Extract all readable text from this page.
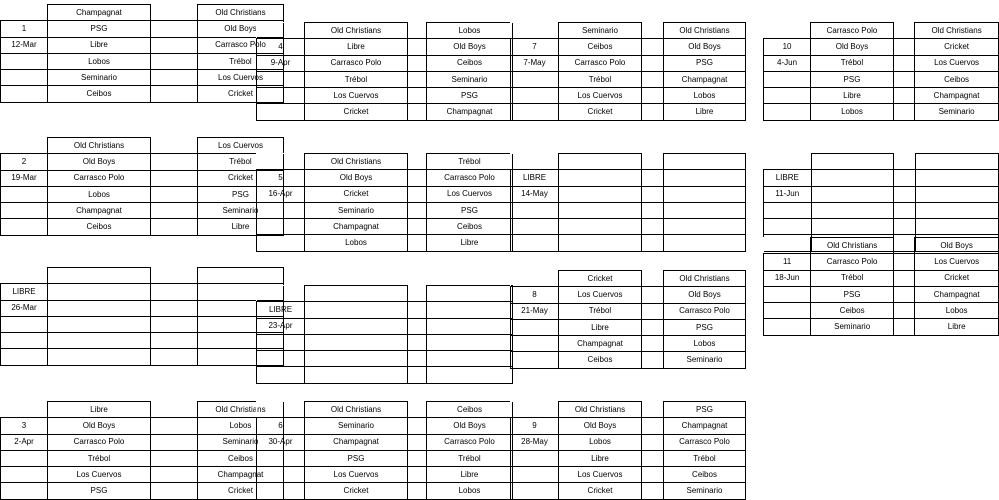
	Champagnat		Old Christians
1	PSG		Old Boys
12-Mar	Libre		Carrasco Polo
	Lobos		Trébol
	Seminario		Los Cuervos
	Ceibos		Cricket
	Old Christians		Los Cuervos
2	Old Boys		Trébol
19-Mar	Carrasco Polo		Cricket
	Lobos		PSG
	Champagnat		Seminario
	Ceibos		Libre

LIBRE			
26-Mar			

	Libre		Old Christians
3	Old Boys		Lobos
2-Apr	Carrasco Polo		Seminario
	Trébol		Ceibos
	Los Cuervos		Champagnat
	PSG		Cricket
	Old Christians		Lobos
4	Libre		Old Boys
9-Apr	Carrasco Polo		Ceibos
	Trébol		Seminario
	Los Cuervos		PSG
	Cricket		Champagnat
	Old Christians		Trébol
5	Old Boys		Carrasco Polo
16-Apr	Cricket		Los Cuervos
	Seminario		PSG
	Champagnat		Ceibos
	Lobos		Libre

LIBRE			
23-Apr			

	Old Christians		Ceibos
6	Seminario		Old Boys
30-Apr	Champagnat		Carrasco Polo
	PSG		Trébol
	Los Cuervos		Libre
	Cricket		Lobos
	Seminario		Old Christians
7	Ceibos		Old Boys
7-May	Carrasco Polo		PSG
	Trébol		Champagnat
	Los Cuervos		Lobos
	Cricket		Libre

LIBRE			
14-May			

	Cricket		Old Christians
8	Los Cuervos		Old Boys
21-May	Trébol		Carrasco Polo
	Libre		PSG
	Champagnat		Lobos
	Ceibos		Seminario
	Old Christians		PSG
9	Old Boys		Champagnat
28-May	Lobos		Carrasco Polo
	Libre		Trébol
	Los Cuervos		Ceibos
	Cricket		Seminario
	Carrasco Polo		Old Christians
10	Old Boys		Cricket
4-Jun	Trébol		Los Cuervos
	PSG		Ceibos
	Libre		Champagnat
	Lobos		Seminario

LIBRE			
11-Jun			

	Old Christians		Old Boys
11	Carrasco Polo		Los Cuervos
18-Jun	Trébol		Cricket
	PSG		Champagnat
	Ceibos		Lobos
	Seminario		Libre
